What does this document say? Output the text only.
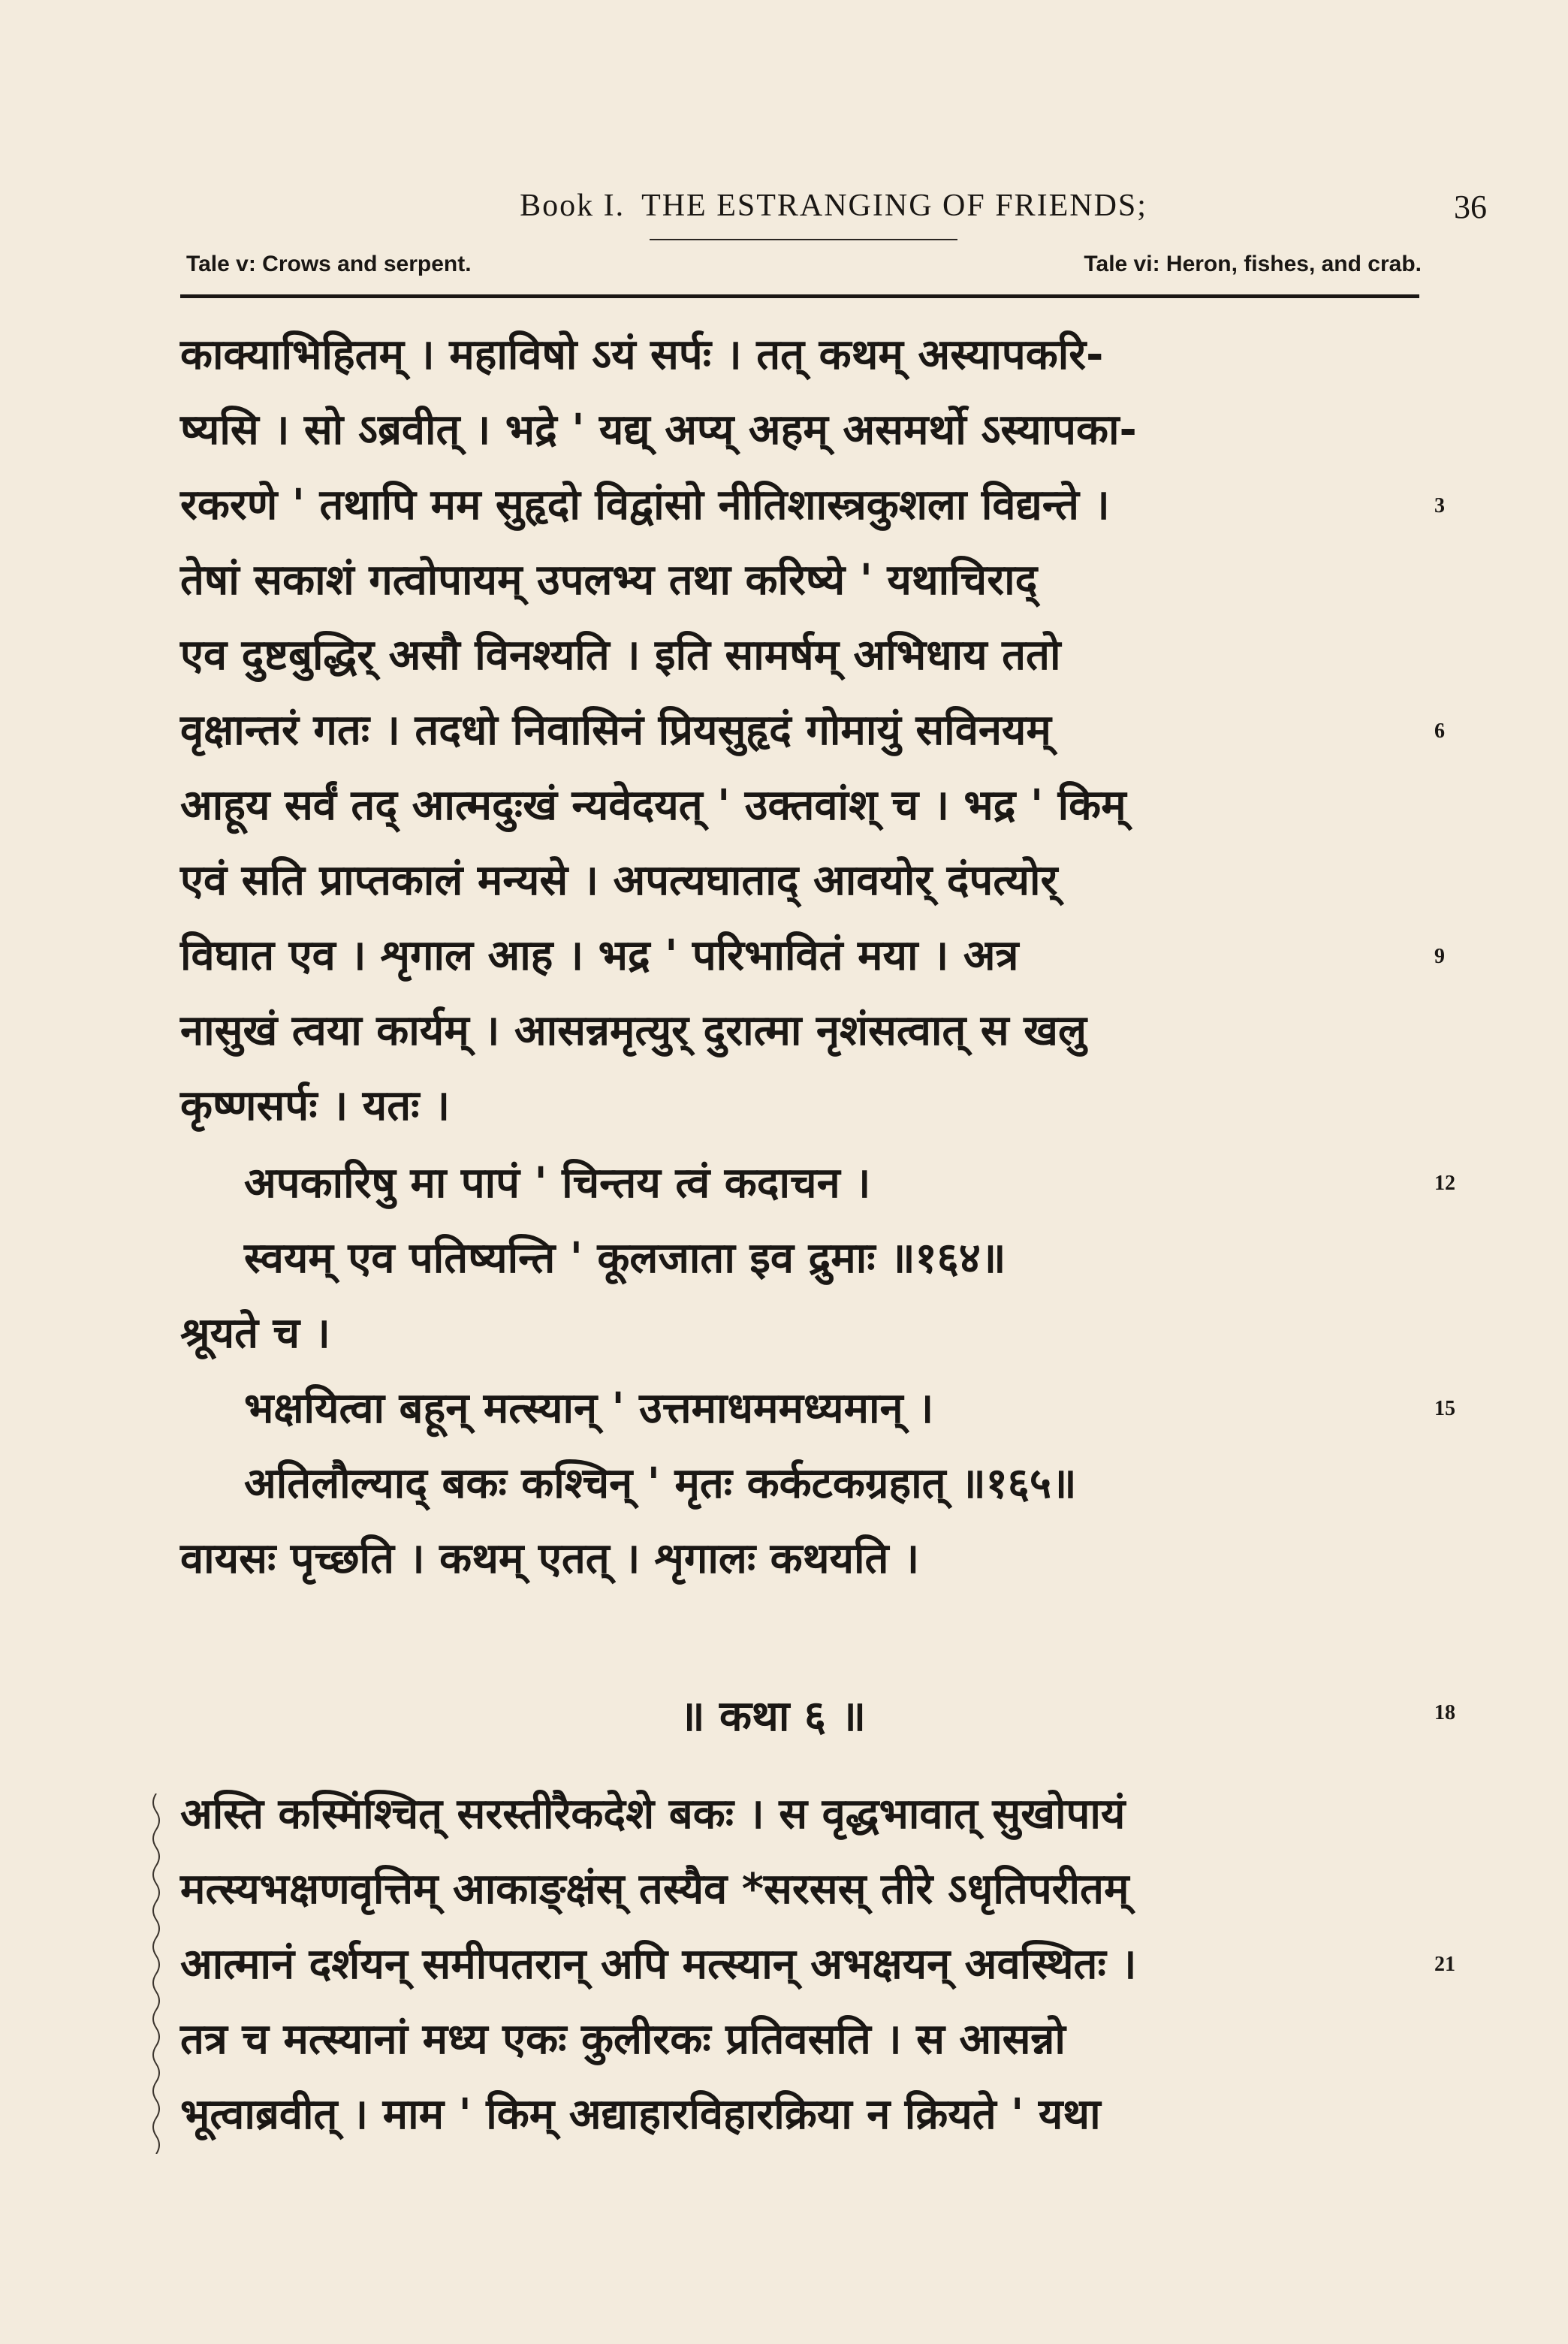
Book I. THE ESTRANGING OF FRIENDS;	36
Tale v: Crows and serpent.	Tale vi: Heron, fishes, and crab.
काक्याभिहितम् । महाविषो ऽयं सर्पः । तत् कथम् अस्यापकरि-
ष्यसि । सो ऽब्रवीत् । भद्रे ' यद्य् अप्य् अहम् असमर्थो ऽस्यापका-
रकरणे ' तथापि मम सुहृदो विद्वांसो नीतिशास्त्रकुशला विद्यन्ते ।
तेषां सकाशं गत्वोपायम् उपलभ्य तथा करिष्ये ' यथाचिराद्
एव दुष्टबुद्धिर् असौ विनश्यति । इति सामर्षम् अभिधाय ततो
वृक्षान्तरं गतः । तदधो निवासिनं प्रियसुहृदं गोमायुं सविनयम्
आहूय सर्वं तद् आत्मदुःखं न्यवेदयत् ' उक्तवांश् च । भद्र ' किम्
एवं सति प्राप्तकालं मन्यसे । अपत्यघाताद् आवयोर् दंपत्योर्
विघात एव । शृगाल आह । भद्र ' परिभावितं मया । अत्र
नासुखं त्वया कार्यम् । आसन्नमृत्युर् दुरात्मा नृशंसत्वात् स खलु
कृष्णसर्पः । यतः ।
अपकारिषु मा पापं ' चिन्तय त्वं कदाचन ।
स्वयम् एव पतिष्यन्ति ' कूलजाता इव द्रुमाः ॥१६४॥
श्रूयते च ।
भक्षयित्वा बहून् मत्स्यान् ' उत्तमाधममध्यमान् ।
अतिलौल्याद् बकः कश्चिन् ' मृतः कर्कटकग्रहात् ॥१६५॥
वायसः पृच्छति । कथम् एतत् । शृगालः कथयति ।
॥ कथा ६ ॥
अस्ति कस्मिंश्चित् सरस्तीरैकदेशे बकः । स वृद्धभावात् सुखोपायं
मत्स्यभक्षणवृत्तिम् आकाङ्क्षंस् तस्यैव *सरसस् तीरे ऽधृतिपरीतम्
आत्मानं दर्शयन् समीपतरान् अपि मत्स्यान् अभक्षयन् अवस्थितः ।
तत्र च मत्स्यानां मध्य एकः कुलीरकः प्रतिवसति । स आसन्नो
भूत्वाब्रवीत् । माम ' किम् अद्याहारविहारक्रिया न क्रियते ' यथा
3
6
9
12
15
18
21
